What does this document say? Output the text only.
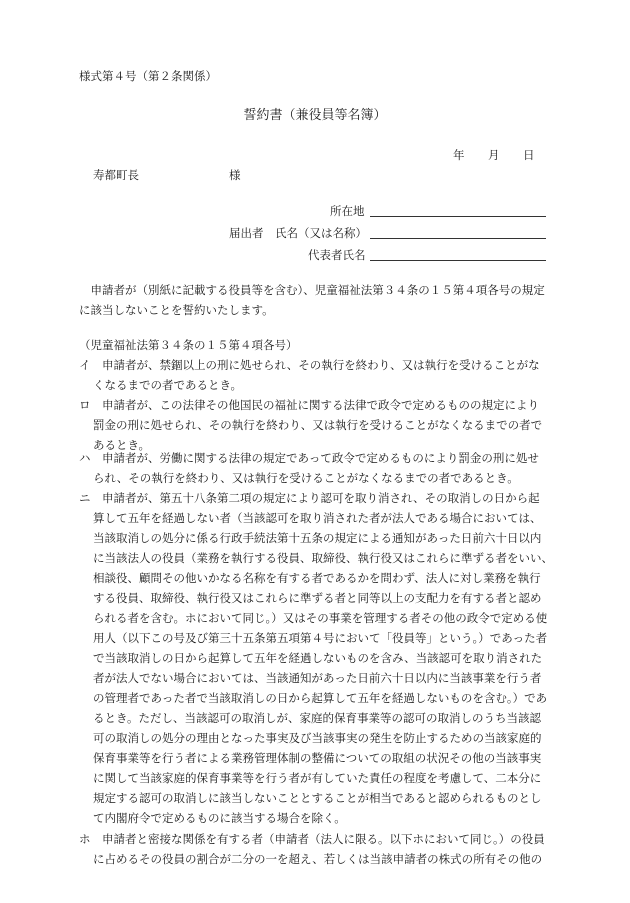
様式第４号（第２条関係）
誓約書（兼役員等名簿）
年 月 日
寿都町長	様
所在地
届出者 氏名（又は名称）
代表者氏名
　申請者が（別紙に記載する役員等を含む）、児童福祉法第３４条の１５第４項各号の規定
に該当しないことを誓約いたします。
（児童福祉法第３４条の１５第４項各号）
イ 申請者が、禁錮以上の刑に処せられ、その執行を終わり、又は執行を受けることがな
くなるまでの者であるとき。
ロ 申請者が、この法律その他国民の福祉に関する法律で政令で定めるものの規定により
罰金の刑に処せられ、その執行を終わり、又は執行を受けることがなくなるまでの者で
あるとき。
ハ 申請者が、労働に関する法律の規定であって政令で定めるものにより罰金の刑に処せ
られ、その執行を終わり、又は執行を受けることがなくなるまでの者であるとき。
ニ 申請者が、第五十八条第二項の規定により認可を取り消され、その取消しの日から起
算して五年を経過しない者（当該認可を取り消された者が法人である場合においては、
当該取消しの処分に係る行政手続法第十五条の規定による通知があった日前六十日以内
に当該法人の役員（業務を執行する役員、取締役、執行役又はこれらに準ずる者をいい、
相談役、顧問その他いかなる名称を有する者であるかを問わず、法人に対し業務を執行
する役員、取締役、執行役又はこれらに準ずる者と同等以上の支配力を有する者と認め
られる者を含む。ホにおいて同じ。）又はその事業を管理する者その他の政令で定める使
用人（以下この号及び第三十五条第五項第４号において「役員等」という。）であった者
で当該取消しの日から起算して五年を経過しないものを含み、当該認可を取り消された
者が法人でない場合においては、当該通知があった日前六十日以内に当該事業を行う者
の管理者であった者で当該取消しの日から起算して五年を経過しないものを含む。）であ
るとき。ただし、当該認可の取消しが、家庭的保育事業等の認可の取消しのうち当該認
可の取消しの処分の理由となった事実及び当該事実の発生を防止するための当該家庭的
保育事業等を行う者による業務管理体制の整備についての取組の状況その他の当該事実
に関して当該家庭的保育事業等を行う者が有していた責任の程度を考慮して、二本分に
規定する認可の取消しに該当しないこととすることが相当であると認められるものとし
て内閣府令で定めるものに該当する場合を除く。
ホ 申請者と密接な関係を有する者（申請者（法人に限る。以下ホにおいて同じ。）の役員
に占めるその役員の割合が二分の一を超え、若しくは当該申請者の株式の所有その他の
